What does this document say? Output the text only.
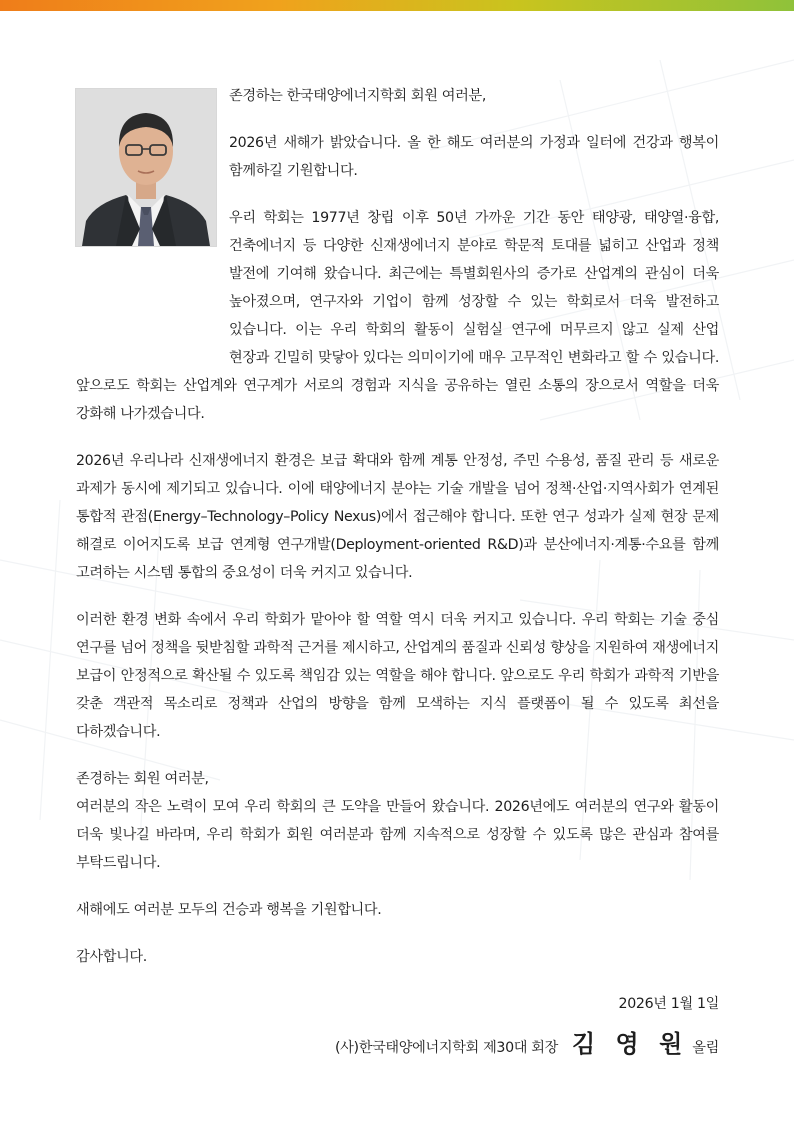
존경하는 한국태양에너지학회 회원 여러분,

2026년 새해가 밝았습니다. 올 한 해도 여러분의 가정과 일터에 건강과 행복이 함께하길 기원합니다.

우리 학회는 1977년 창립 이후 50년 가까운 기간 동안 태양광, 태양열·융합, 건축에너지 등 다양한 신재생에너지 분야로 학문적 토대를 넓히고 산업과 정책 발전에 기여해 왔습니다. 최근에는 특별회원사의 증가로 산업계의 관심이 더욱 높아졌으며, 연구자와 기업이 함께 성장할 수 있는 학회로서 더욱 발전하고 있습니다. 이는 우리 학회의 활동이 실험실 연구에 머무르지 않고 실제 산업 현장과 긴밀히 맞닿아 있다는 의미이기에 매우 고무적인 변화라고 할 수 있습니다. 앞으로도 학회는 산업계와 연구계가 서로의 경험과 지식을 공유하는 열린 소통의 장으로서 역할을 더욱 강화해 나가겠습니다.

2026년 우리나라 신재생에너지 환경은 보급 확대와 함께 계통 안정성, 주민 수용성, 품질 관리 등 새로운 과제가 동시에 제기되고 있습니다. 이에 태양에너지 분야는 기술 개발을 넘어 정책·산업·지역사회가 연계된 통합적 관점(Energy–Technology–Policy Nexus)에서 접근해야 합니다. 또한 연구 성과가 실제 현장 문제 해결로 이어지도록 보급 연계형 연구개발(Deployment-oriented R&D)과 분산에너지·계통·수요를 함께 고려하는 시스템 통합의 중요성이 더욱 커지고 있습니다.

이러한 환경 변화 속에서 우리 학회가 맡아야 할 역할 역시 더욱 커지고 있습니다. 우리 학회는 기술 중심 연구를 넘어 정책을 뒷받침할 과학적 근거를 제시하고, 산업계의 품질과 신뢰성 향상을 지원하여 재생에너지 보급이 안정적으로 확산될 수 있도록 책임감 있는 역할을 해야 합니다. 앞으로도 우리 학회가 과학적 기반을 갖춘 객관적 목소리로 정책과 산업의 방향을 함께 모색하는 지식 플랫폼이 될 수 있도록 최선을 다하겠습니다.

존경하는 회원 여러분,

여러분의 작은 노력이 모여 우리 학회의 큰 도약을 만들어 왔습니다. 2026년에도 여러분의 연구와 활동이 더욱 빛나길 바라며, 우리 학회가 회원 여러분과 함께 지속적으로 성장할 수 있도록 많은 관심과 참여를 부탁드립니다.

새해에도 여러분 모두의 건승과 행복을 기원합니다.

감사합니다.

2026년 1월 1일
(사)한국태양에너지학회 제30대 회장 김 영 원 올림
